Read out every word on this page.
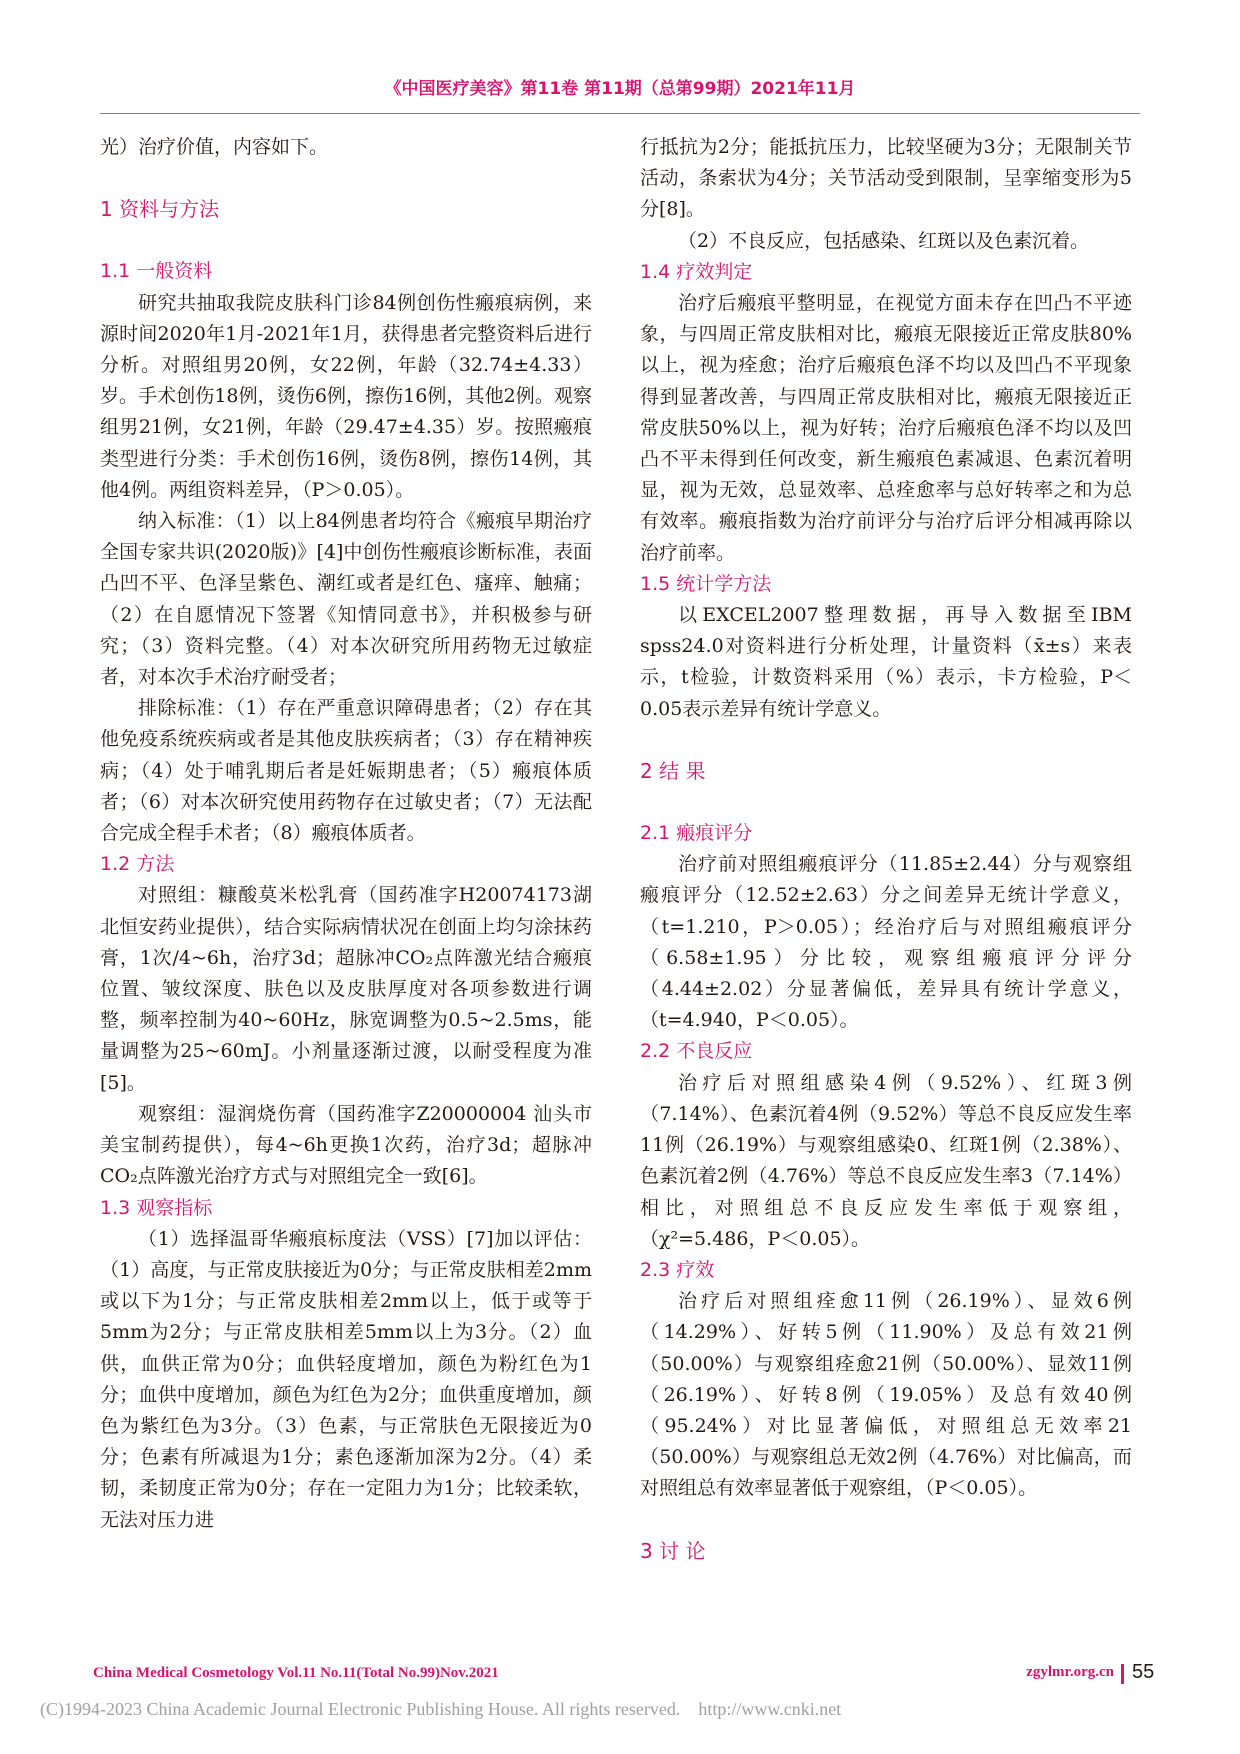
《中国医疗美容》第11卷 第11期（总第99期）2021年11月

光）治疗价值，内容如下。

1 资料与方法

1.1 一般资料

研究共抽取我院皮肤科门诊84例创伤性瘢痕病例，来源时间2020年1月-2021年1月，获得患者完整资料后进行分析。对照组男20例，女22例，年龄（32.74±4.33）岁。手术创伤18例，烫伤6例，擦伤16例，其他2例。观察组男21例，女21例，年龄（29.47±4.35）岁。按照瘢痕类型进行分类：手术创伤16例，烫伤8例，擦伤14例，其他4例。两组资料差异，（P＞0.05）。

纳入标准：（1）以上84例患者均符合《瘢痕早期治疗全国专家共识(2020版)》[4]中创伤性瘢痕诊断标准，表面凸凹不平、色泽呈紫色、潮红或者是红色、瘙痒、触痛；（2）在自愿情况下签署《知情同意书》，并积极参与研究；（3）资料完整。（4）对本次研究所用药物无过敏症者，对本次手术治疗耐受者；

排除标准：（1）存在严重意识障碍患者；（2）存在其他免疫系统疾病或者是其他皮肤疾病者；（3）存在精神疾病；（4）处于哺乳期后者是妊娠期患者；（5）瘢痕体质者；（6）对本次研究使用药物存在过敏史者；（7）无法配合完成全程手术者；（8）瘢痕体质者。

1.2 方法

对照组：糠酸莫米松乳膏（国药准字H20074173湖北恒安药业提供），结合实际病情状况在创面上均匀涂抹药膏，1次/4~6h，治疗3d；超脉冲CO₂点阵激光结合瘢痕位置、皱纹深度、肤色以及皮肤厚度对各项参数进行调整，频率控制为40~60Hz，脉宽调整为0.5~2.5ms，能量调整为25~60mJ。小剂量逐渐过渡，以耐受程度为准[5]。

观察组：湿润烧伤膏（国药准字Z20000004 汕头市美宝制药提供），每4~6h更换1次药，治疗3d；超脉冲CO₂点阵激光治疗方式与对照组完全一致[6]。

1.3 观察指标

（1）选择温哥华瘢痕标度法（VSS）[7]加以评估：（1）高度，与正常皮肤接近为0分；与正常皮肤相差2mm或以下为1分；与正常皮肤相差2mm以上，低于或等于5mm为2分；与正常皮肤相差5mm以上为3分。（2）血供，血供正常为0分；血供轻度增加，颜色为粉红色为1分；血供中度增加，颜色为红色为2分；血供重度增加，颜色为紫红色为3分。（3）色素，与正常肤色无限接近为0分；色素有所减退为1分；素色逐渐加深为2分。（4）柔韧，柔韧度正常为0分；存在一定阻力为1分；比较柔软，无法对压力进

行抵抗为2分；能抵抗压力，比较坚硬为3分；无限制关节活动，条索状为4分；关节活动受到限制，呈挛缩变形为5分[8]。

（2）不良反应，包括感染、红斑以及色素沉着。

1.4 疗效判定

治疗后瘢痕平整明显，在视觉方面未存在凹凸不平迹象，与四周正常皮肤相对比，瘢痕无限接近正常皮肤80%以上，视为痊愈；治疗后瘢痕色泽不均以及凹凸不平现象得到显著改善，与四周正常皮肤相对比，瘢痕无限接近正常皮肤50%以上，视为好转；治疗后瘢痕色泽不均以及凹凸不平未得到任何改变，新生瘢痕色素减退、色素沉着明显，视为无效，总显效率、总痊愈率与总好转率之和为总有效率。瘢痕指数为治疗前评分与治疗后评分相减再除以治疗前率。

1.5 统计学方法

以EXCEL2007整理数据，再导入数据至IBM spss24.0对资料进行分析处理，计量资料（x̄±s）来表示，t检验，计数资料采用（%）表示，卡方检验，P＜0.05表示差异有统计学意义。

2 结 果

2.1 瘢痕评分

治疗前对照组瘢痕评分（11.85±2.44）分与观察组瘢痕评分（12.52±2.63）分之间差异无统计学意义，（t=1.210，P＞0.05）；经治疗后与对照组瘢痕评分（6.58±1.95）分比较，观察组瘢痕评分评分（4.44±2.02）分显著偏低，差异具有统计学意义，（t=4.940，P＜0.05）。

2.2 不良反应

治疗后对照组感染4例（9.52%）、红斑3例（7.14%）、色素沉着4例（9.52%）等总不良反应发生率11例（26.19%）与观察组感染0、红斑1例（2.38%）、色素沉着2例（4.76%）等总不良反应发生率3（7.14%）相比，对照组总不良反应发生率低于观察组，（χ²=5.486，P＜0.05）。

2.3 疗效

治疗后对照组痊愈11例（26.19%）、显效6例（14.29%）、好转5例（11.90%）及总有效21例（50.00%）与观察组痊愈21例（50.00%）、显效11例（26.19%）、好转8例（19.05%）及总有效40例（95.24%）对比显著偏低，对照组总无效率21（50.00%）与观察组总无效2例（4.76%）对比偏高，而对照组总有效率显著低于观察组，（P＜0.05）。

3 讨 论

China Medical Cosmetology Vol.11 No.11(Total No.99)Nov.2021	zgylmr.org.cn 55
(C)1994-2023 China Academic Journal Electronic Publishing House. All rights reserved.    http://www.cnki.net
